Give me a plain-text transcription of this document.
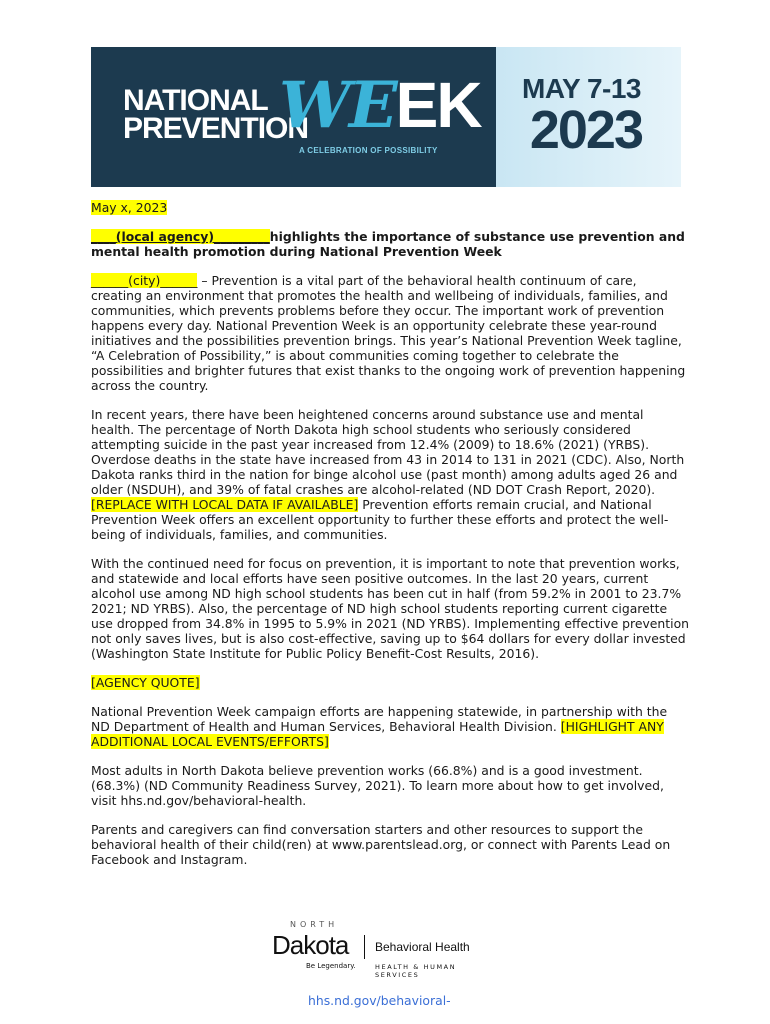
NATIONAL
PREVENTION
WEEK
A CELEBRATION OF POSSIBILITY
MAY 7-13
2023

May x, 2023

____(local agency)_________highlights the importance of substance use prevention and mental health promotion during National Prevention Week

______(city)______ – Prevention is a vital part of the behavioral health continuum of care, creating an environment that promotes the health and wellbeing of individuals, families, and communities, which prevents problems before they occur. The important work of prevention happens every day. National Prevention Week is an opportunity celebrate these year-round initiatives and the possibilities prevention brings. This year’s National Prevention Week tagline, “A Celebration of Possibility,” is about communities coming together to celebrate the possibilities and brighter futures that exist thanks to the ongoing work of prevention happening across the country.

In recent years, there have been heightened concerns around substance use and mental health. The percentage of North Dakota high school students who seriously considered attempting suicide in the past year increased from 12.4% (2009) to 18.6% (2021) (YRBS). Overdose deaths in the state have increased from 43 in 2014 to 131 in 2021 (CDC). Also, North Dakota ranks third in the nation for binge alcohol use (past month) among adults aged 26 and older (NSDUH), and 39% of fatal crashes are alcohol-related (ND DOT Crash Report, 2020). [REPLACE WITH LOCAL DATA IF AVAILABLE] Prevention efforts remain crucial, and National Prevention Week offers an excellent opportunity to further these efforts and protect the well-being of individuals, families, and communities.

With the continued need for focus on prevention, it is important to note that prevention works, and statewide and local efforts have seen positive outcomes. In the last 20 years, current alcohol use among ND high school students has been cut in half (from 59.2% in 2001 to 23.7% 2021; ND YRBS). Also, the percentage of ND high school students reporting current cigarette use dropped from 34.8% in 1995 to 5.9% in 2021 (ND YRBS). Implementing effective prevention not only saves lives, but is also cost-effective, saving up to $64 dollars for every dollar invested (Washington State Institute for Public Policy Benefit-Cost Results, 2016).

[AGENCY QUOTE]

National Prevention Week campaign efforts are happening statewide, in partnership with the ND Department of Health and Human Services, Behavioral Health Division. [HIGHLIGHT ANY ADDITIONAL LOCAL EVENTS/EFFORTS]

Most adults in North Dakota believe prevention works (66.8%) and is a good investment. (68.3%) (ND Community Readiness Survey, 2021). To learn more about how to get involved, visit hhs.nd.gov/behavioral-health.

Parents and caregivers can find conversation starters and other resources to support the behavioral health of their child(ren) at www.parentslead.org, or connect with Parents Lead on Facebook and Instagram.

NORTH
Dakota
Be Legendary.
Behavioral Health
HEALTH & HUMAN SERVICES
hhs.nd.gov/behavioral-
